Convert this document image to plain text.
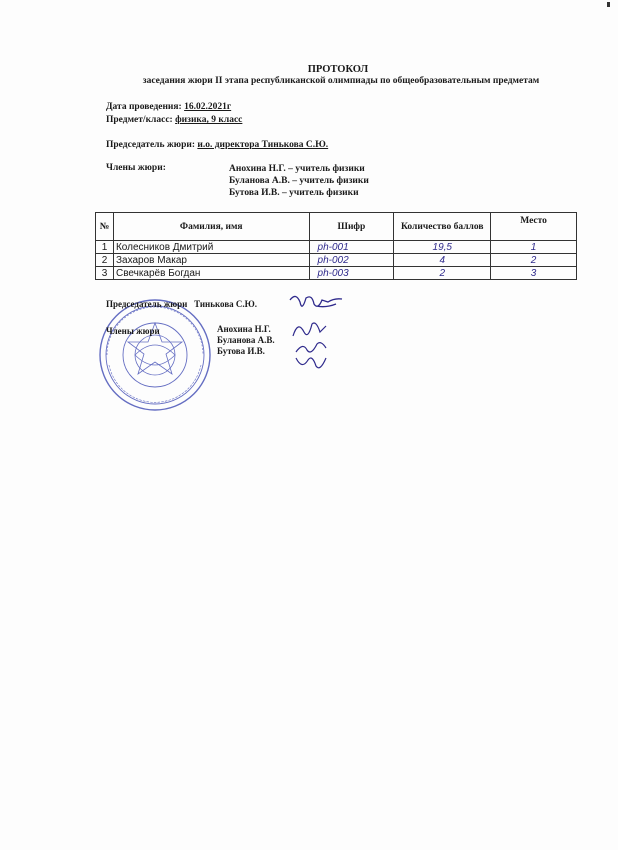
ПРОТОКОЛ
заседания жюри II этапа республиканской олимпиады по общеобразовательным предметам
Дата проведения: 16.02.2021г
Предмет/класс: физика, 9 класс
Председатель жюри: и.о. директора Тинькова С.Ю.
Члены жюри:	Анохина Н.Г. – учитель физики
Буланова А.В. – учитель физики
Бутова И.В. – учитель физики
№	Фамилия, имя	Шифр	Количество баллов	Место
1	Колесников Дмитрий	ph-001	19,5	1
2	Захаров Макар	ph-002	4	2
3	Свечкарёв Богдан	ph-003	2	3
Председатель жюри Тинькова С.Ю.
Члены жюри	Анохина Н.Г.
Буланова А.В.
Бутова И.В.
